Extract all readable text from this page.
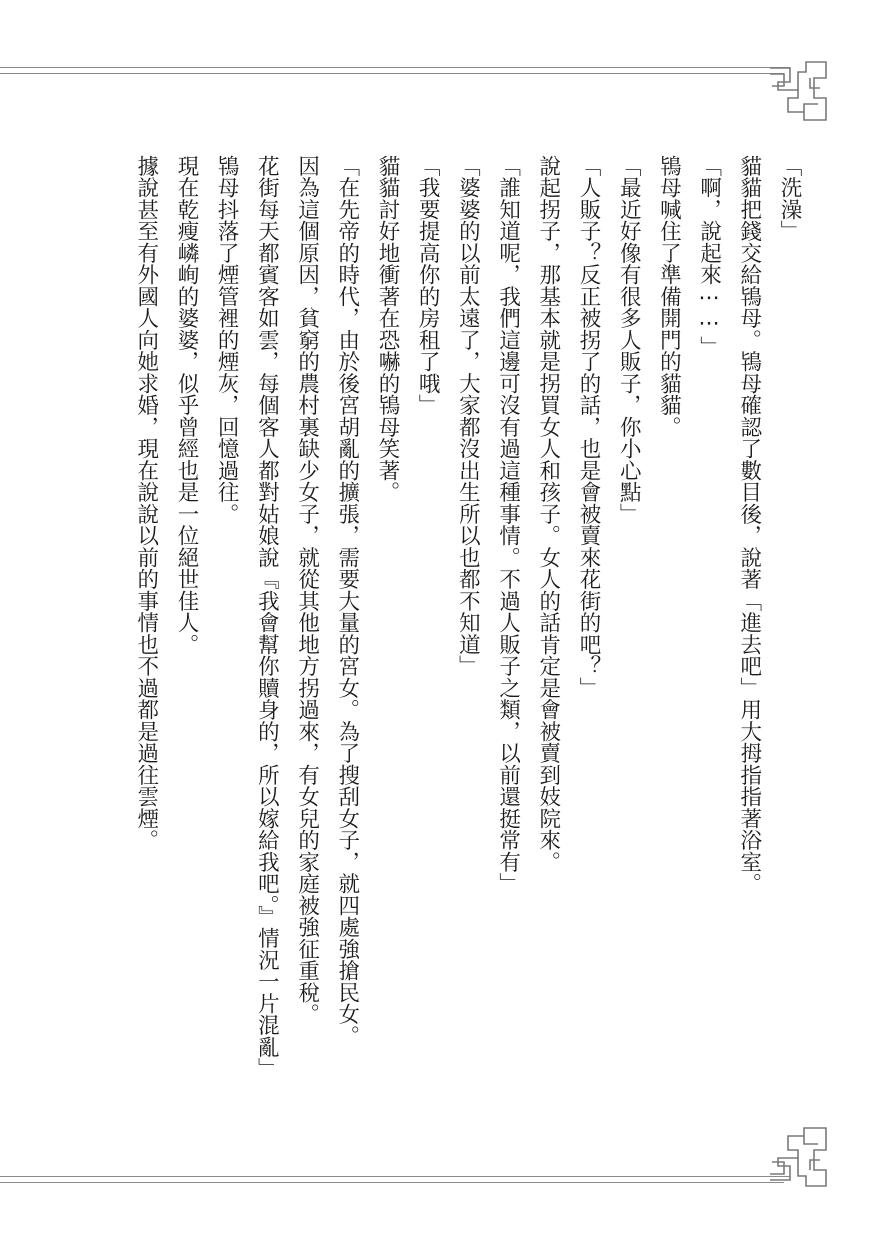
「洗澡」

貓貓把錢交給鴇母。鴇母確認了數目後，說著「進去吧」用大拇指指著浴室。

「啊，說起來⋯⋯」

鴇母喊住了準備開門的貓貓。

「最近好像有很多人販子，你小心點」

「人販子？反正被拐了的話，也是會被賣來花街的吧？」

說起拐子，那基本就是拐買女人和孩子。女人的話肯定是會被賣到妓院來。

「誰知道呢，我們這邊可沒有過這種事情。不過人販子之類，以前還挺常有」

「婆婆的以前太遠了，大家都沒出生所以也都不知道」

「我要提高你的房租了哦」

貓貓討好地衝著在恐嚇的鴇母笑著。

「在先帝的時代，由於後宮胡亂的擴張，需要大量的宮女。為了搜刮女子，就四處強搶民女。

因為這個原因，貧窮的農村裏缺少女子，就從其他地方拐過來，有女兒的家庭被強征重稅。

花街每天都賓客如雲，每個客人都對姑娘說『我會幫你贖身的，所以嫁給我吧。』情況一片混亂」

鴇母抖落了煙管裡的煙灰，回憶過往。

現在乾瘦嶙峋的婆婆，似乎曾經也是一位絕世佳人。

據說甚至有外國人向她求婚，現在說說以前的事情也不過都是過往雲煙。
